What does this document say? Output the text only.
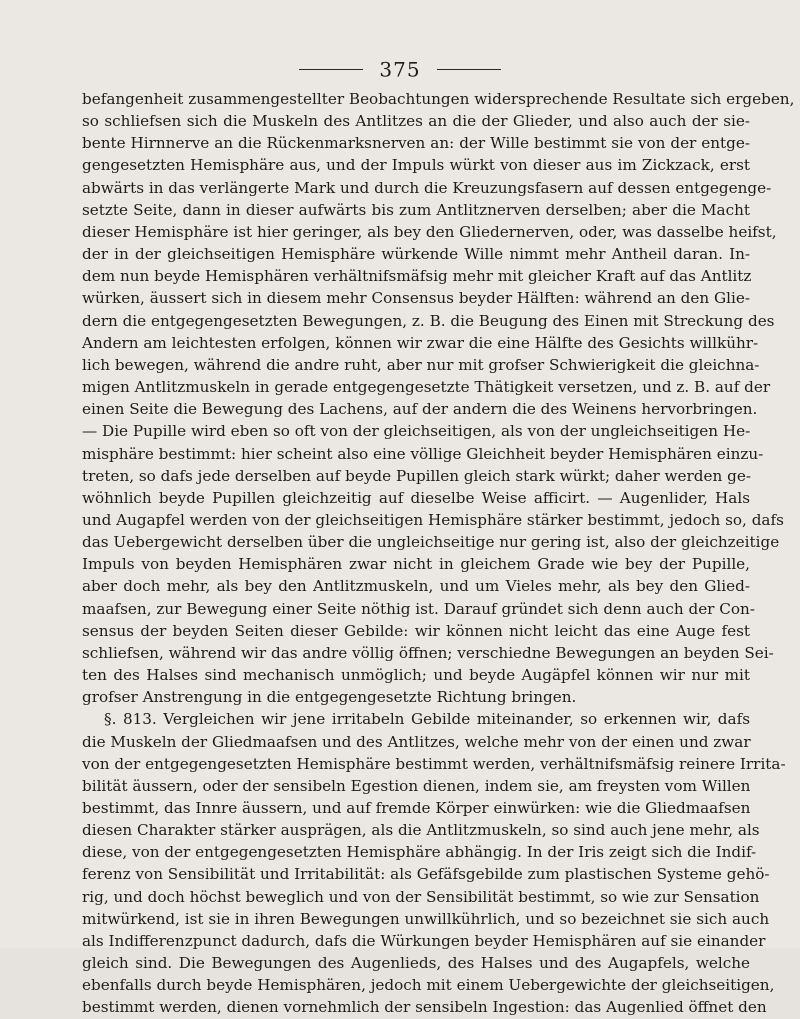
375
befangenheit zusammengestellter Beobachtungen widersprechende Resultate sich ergeben,
so schliefsen sich die Muskeln des Antlitzes an die der Glieder, und also auch der sie-
bente Hirnnerve an die Rückenmarksnerven an: der Wille bestimmt sie von der entge-
gengesetzten Hemisphäre aus, und der Impuls würkt von dieser aus im Zickzack, erst
abwärts in das verlängerte Mark und durch die Kreuzungsfasern auf dessen entgegenge-
setzte Seite, dann in dieser aufwärts bis zum Antlitznerven derselben; aber die Macht
dieser Hemisphäre ist hier geringer, als bey den Gliedernerven, oder, was dasselbe heifst,
der in der gleichseitigen Hemisphäre würkende Wille nimmt mehr Antheil daran. In-
dem nun beyde Hemisphären verhältnifsmäfsig mehr mit gleicher Kraft auf das Antlitz
würken, äussert sich in diesem mehr Consensus beyder Hälften: während an den Glie-
dern die entgegengesetzten Bewegungen, z. B. die Beugung des Einen mit Streckung des
Andern am leichtesten erfolgen, können wir zwar die eine Hälfte des Gesichts willkühr-
lich bewegen, während die andre ruht, aber nur mit grofser Schwierigkeit die gleichna-
migen Antlitzmuskeln in gerade entgegengesetzte Thätigkeit versetzen, und z. B. auf der
einen Seite die Bewegung des Lachens, auf der andern die des Weinens hervorbringen.
— Die Pupille wird eben so oft von der gleichseitigen, als von der ungleichseitigen He-
misphäre bestimmt: hier scheint also eine völlige Gleichheit beyder Hemisphären einzu-
treten, so dafs jede derselben auf beyde Pupillen gleich stark würkt; daher werden ge-
wöhnlich beyde Pupillen gleichzeitig auf dieselbe Weise afficirt. — Augenlider, Hals
und Augapfel werden von der gleichseitigen Hemisphäre stärker bestimmt, jedoch so, dafs
das Uebergewicht derselben über die ungleichseitige nur gering ist, also der gleichzeitige
Impuls von beyden Hemisphären zwar nicht in gleichem Grade wie bey der Pupille,
aber doch mehr, als bey den Antlitzmuskeln, und um Vieles mehr, als bey den Glied-
maafsen, zur Bewegung einer Seite nöthig ist. Darauf gründet sich denn auch der Con-
sensus der beyden Seiten dieser Gebilde: wir können nicht leicht das eine Auge fest
schliefsen, während wir das andre völlig öffnen; verschiedne Bewegungen an beyden Sei-
ten des Halses sind mechanisch unmöglich; und beyde Augäpfel können wir nur mit
grofser Anstrengung in die entgegengesetzte Richtung bringen.
§. 813. Vergleichen wir jene irritabeln Gebilde miteinander, so erkennen wir, dafs
die Muskeln der Gliedmaafsen und des Antlitzes, welche mehr von der einen und zwar
von der entgegengesetzten Hemisphäre bestimmt werden, verhältnifsmäfsig reinere Irrita-
bilität äussern, oder der sensibeln Egestion dienen, indem sie, am freysten vom Willen
bestimmt, das Innre äussern, und auf fremde Körper einwürken: wie die Gliedmaafsen
diesen Charakter stärker ausprägen, als die Antlitzmuskeln, so sind auch jene mehr, als
diese, von der entgegengesetzten Hemisphäre abhängig. In der Iris zeigt sich die Indif-
ferenz von Sensibilität und Irritabilität: als Gefäfsgebilde zum plastischen Systeme gehö-
rig, und doch höchst beweglich und von der Sensibilität bestimmt, so wie zur Sensation
mitwürkend, ist sie in ihren Bewegungen unwillkührlich, und so bezeichnet sie sich auch
als Indifferenzpunct dadurch, dafs die Würkungen beyder Hemisphären auf sie einander
gleich sind. Die Bewegungen des Augenlieds, des Halses und des Augapfels, welche
ebenfalls durch beyde Hemisphären, jedoch mit einem Uebergewichte der gleichseitigen,
bestimmt werden, dienen vornehmlich der sensibeln Ingestion: das Augenlied öffnet den
